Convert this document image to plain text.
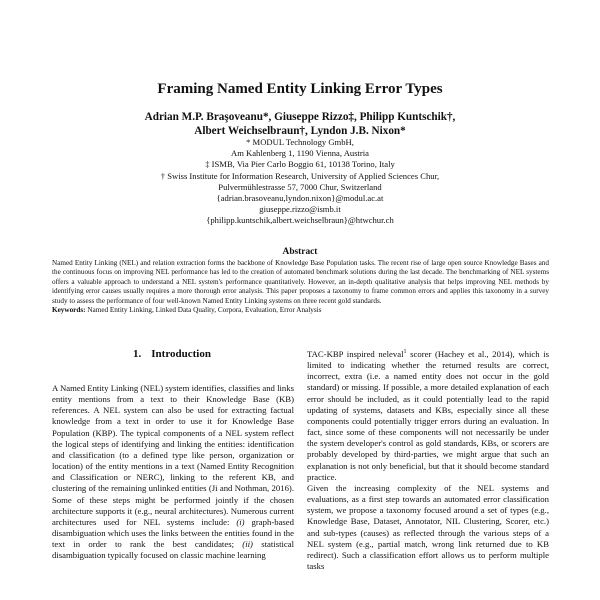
Framing Named Entity Linking Error Types
Adrian M.P. Braşoveanu*, Giuseppe Rizzo‡, Philipp Kuntschik†,
Albert Weichselbraun†, Lyndon J.B. Nixon*
* MODUL Technology GmbH,
Am Kahlenberg 1, 1190 Vienna, Austria
‡ ISMB, Via Pier Carlo Boggio 61, 10138 Torino, Italy
† Swiss Institute for Information Research, University of Applied Sciences Chur,
Pulvermühlestrasse 57, 7000 Chur, Switzerland
{adrian.brasoveanu,lyndon.nixon}@modul.ac.at
giuseppe.rizzo@ismb.it
{philipp.kuntschik,albert.weichselbraun}@htwchur.ch
Abstract

Named Entity Linking (NEL) and relation extraction forms the backbone of Knowledge Base Population tasks. The recent rise of large open source Knowledge Bases and the continuous focus on improving NEL performance has led to the creation of automated benchmark solutions during the last decade. The benchmarking of NEL systems offers a valuable approach to understand a NEL system's performance quantitatively. However, an in-depth qualitative analysis that helps improving NEL methods by identifying error causes usually requires a more thorough error analysis. This paper proposes a taxonomy to frame common errors and applies this taxonomy in a survey study to assess the performance of four well-known Named Entity Linking systems on three recent gold standards.

Keywords: Named Entity Linking, Linked Data Quality, Corpora, Evaluation, Error Analysis

1. Introduction

A Named Entity Linking (NEL) system identifies, classifies and links entity mentions from a text to their Knowledge Base (KB) references. A NEL system can also be used for extracting factual knowledge from a text in order to use it for Knowledge Base Population (KBP). The typical components of a NEL system reflect the logical steps of identifying and linking the entities: identification and classification (to a defined type like person, organization or location) of the entity mentions in a text (Named Entity Recognition and Classification or NERC), linking to the referent KB, and clustering of the remaining unlinked entities (Ji and Nothman, 2016). Some of these steps might be performed jointly if the chosen architecture supports it (e.g., neural architectures). Numerous current architectures used for NEL systems include: (i) graph-based disambiguation which uses the links between the entities found in the text in order to rank the best candidates; (ii) statistical disambiguation typically focused on classic machine learning

TAC-KBP inspired neleval$^1$ scorer (Hachey et al., 2014), which is limited to indicating whether the returned results are correct, incorrect, extra (i.e. a named entity does not occur in the gold standard) or missing. If possible, a more detailed explanation of each error should be included, as it could potentially lead to the rapid updating of systems, datasets and KBs, especially since all these components could potentially trigger errors during an evaluation. In fact, since some of these components will not necessarily be under the system developer's control as gold standards, KBs, or scorers are probably developed by third-parties, we might argue that such an explanation is not only beneficial, but that it should become standard practice.

Given the increasing complexity of the NEL systems and evaluations, as a first step towards an automated error classification system, we propose a taxonomy focused around a set of types (e.g., Knowledge Base, Dataset, Annotator, NIL Clustering, Scorer, etc.) and sub-types (causes) as reflected through the various steps of a NEL system (e.g., partial match, wrong link returned due to KB redirect). Such a classification effort allows us to perform multiple tasks
